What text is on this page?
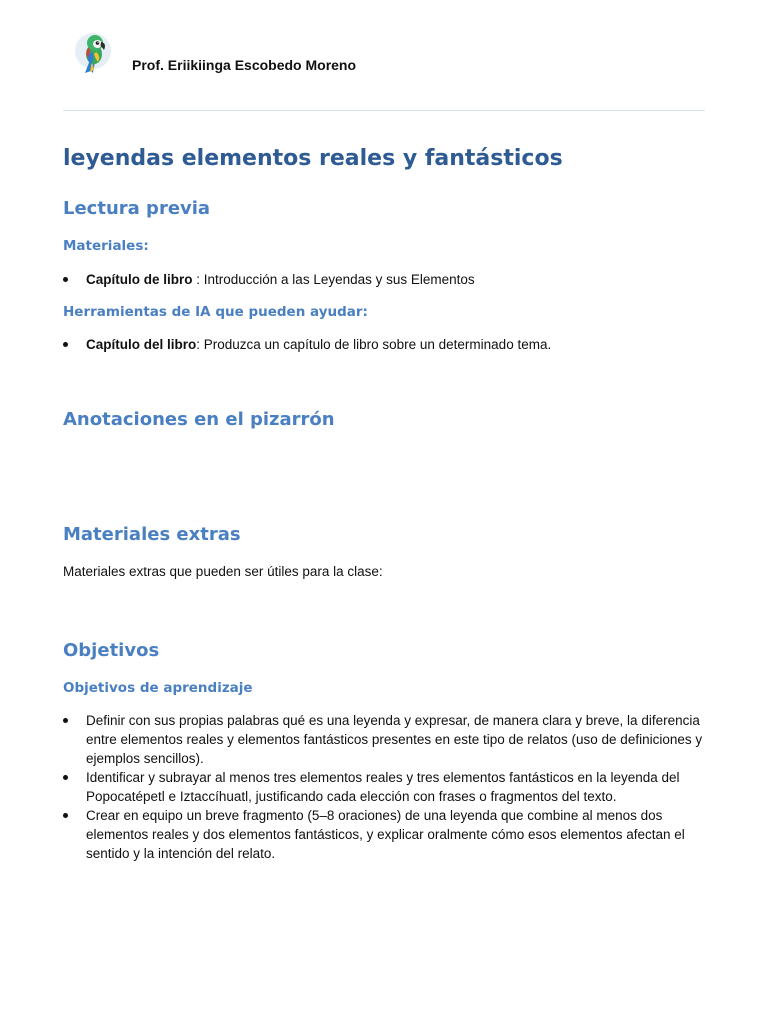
Prof. Eriikiinga Escobedo Moreno
leyendas elementos reales y fantásticos
Lectura previa
Materiales:
Capítulo de libro : Introducción a las Leyendas y sus Elementos
Herramientas de IA que pueden ayudar:
Capítulo del libro: Produzca un capítulo de libro sobre un determinado tema.
Anotaciones en el pizarrón
Materiales extras

Materiales extras que pueden ser útiles para la clase:

Objetivos
Objetivos de aprendizaje
Definir con sus propias palabras qué es una leyenda y expresar, de manera clara y breve, la diferencia entre elementos reales y elementos fantásticos presentes en este tipo de relatos (uso de definiciones y ejemplos sencillos).
Identificar y subrayar al menos tres elementos reales y tres elementos fantásticos en la leyenda del Popocatépetl e Iztaccíhuatl, justificando cada elección con frases o fragmentos del texto.
Crear en equipo un breve fragmento (5–8 oraciones) de una leyenda que combine al menos dos elementos reales y dos elementos fantásticos, y explicar oralmente cómo esos elementos afectan el sentido y la intención del relato.
